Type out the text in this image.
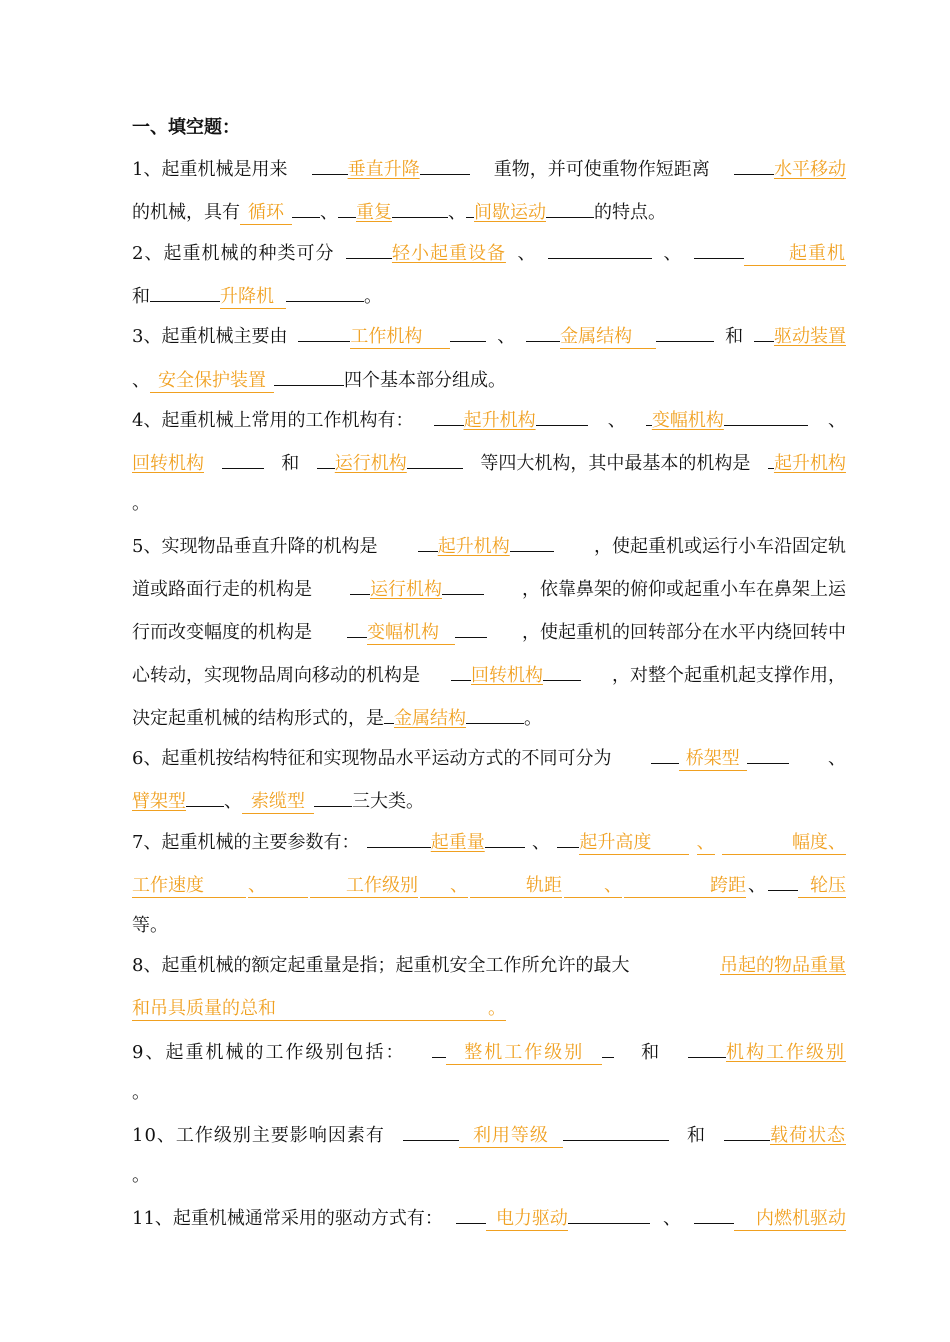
一、填空题：
1、起重机械是用来	垂直升降	重物，并可使重物作短距离	水平移动
的机械，具有 循环 、 重复	、 间歇运动	的特点。
2、起重机械的种类可分	轻小起重设备 、	、	起重机
和	升降机	。
3、起重机械主要由	工作机构	、	金属结构	和	驱动装置
、 安全保护装置	四个基本部分组成。
4、起重机械上常用的工作机构有：	起升机构	、	变幅机构	、
回转机构	和	运行机构	等四大机构，其中最基本的机构是	起升机构
。
5、实现物品垂直升降的机构是	起升机构	，使起重机或运行小车沿固定轨
道或路面行走的机构是	运行机构	，依靠鼻架的俯仰或起重小车在鼻架上运
行而改变幅度的机构是	变幅机构	，使起重机的回转部分在水平内绕回转中
心转动，实现物品周向移动的机构是	回转机构	，对整个起重机起支撑作用，
决定起重机械的结构形式的，是 金属结构	。
6、起重机按结构特征和实现物品水平运动方式的不同可分为	桥架型	、
臂架型 、 索缆型	三大类。
7、起重机械的主要参数有：	起重量	、	起升高度	、	幅度、
工作速度	、	工作级别	、	轨距	、	跨距 、	轮压
等。
8、起重机械的额定起重量是指；起重机安全工作所允许的最大	吊起的物品重量
和吊具质量的总和	。
9、起重机械的工作级别包括：	整机工作级别	和	机构工作级别
。
10、工作级别主要影响因素有	利用等级	和	载荷状态
。
11、起重机械通常采用的驱动方式有：	电力驱动	、	内燃机驱动
